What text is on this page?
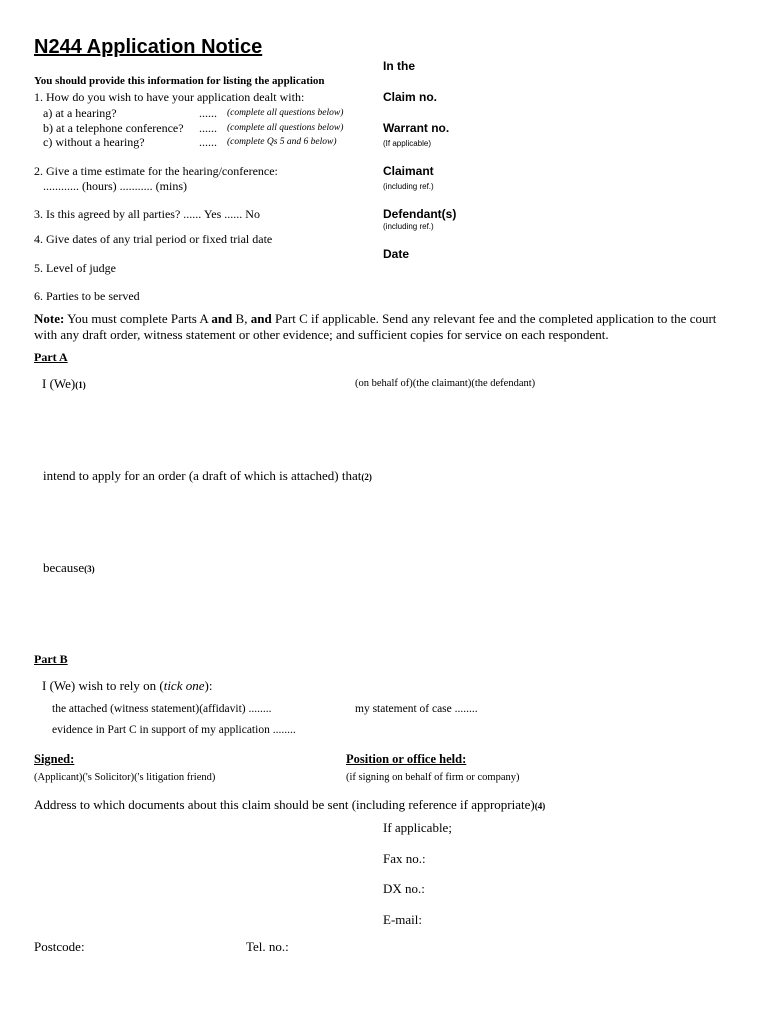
N244 Application Notice
In the
Claim no.
Warrant no.
(If applicable)
Claimant
(including ref.)
Defendant(s)
(including ref.)
Date
You should provide this information for listing the application
1. How do you wish to have your application dealt with:
a) at a hearing?	...... (complete all questions below)
b) at a telephone conference? ...... (complete all questions below)
c) without a hearing?	...... (complete Qs 5 and 6 below)
2. Give a time estimate for the hearing/conference:
............ (hours) ........... (mins)
3. Is this agreed by all parties? ...... Yes ...... No
4. Give dates of any trial period or fixed trial date
5. Level of judge
6. Parties to be served
Note: You must complete Parts A and B, and Part C if applicable. Send any relevant fee and the completed application to the court with any draft order, witness statement or other evidence; and sufficient copies for service on each respondent.
Part A
I (We)(1)	(on behalf of)(the claimant)(the defendant)
intend to apply for an order (a draft of which is attached) that(2)
because(3)
Part B
I (We) wish to rely on (tick one):
the attached (witness statement)(affidavit) ........	my statement of case ........
evidence in Part C in support of my application ........
Signed:
(Applicant)('s Solicitor)('s litigation friend)
Position or office held:
(if signing on behalf of firm or company)
Address to which documents about this claim should be sent (including reference if appropriate)(4)
If applicable;
Fax no.:
DX no.:
E-mail:
Postcode:	Tel. no.:
